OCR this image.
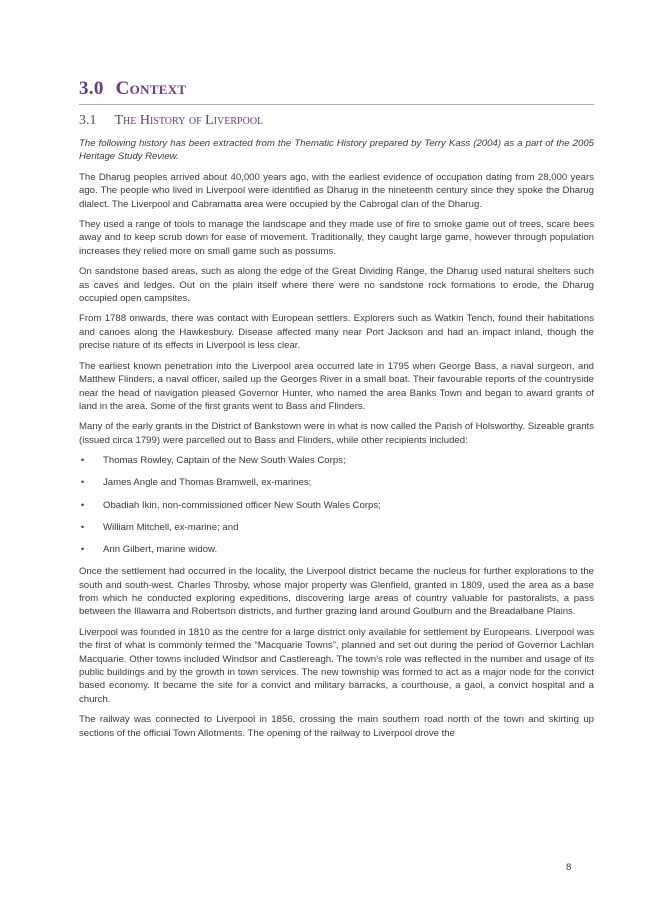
3.0 Context
3.1 The History of Liverpool

The following history has been extracted from the Thematic History prepared by Terry Kass (2004) as a part of the 2005 Heritage Study Review.

The Dharug peoples arrived about 40,000 years ago, with the earliest evidence of occupation dating from 28,000 years ago. The people who lived in Liverpool were identified as Dharug in the nineteenth century since they spoke the Dharug dialect. The Liverpool and Cabramatta area were occupied by the Cabrogal clan of the Dharug.

They used a range of tools to manage the landscape and they made use of fire to smoke game out of trees, scare bees away and to keep scrub down for ease of movement. Traditionally, they caught large game, however through population increases they relied more on small game such as possums.

On sandstone based areas, such as along the edge of the Great Dividing Range, the Dharug used natural shelters such as caves and ledges. Out on the plain itself where there were no sandstone rock formations to erode, the Dharug occupied open campsites.

From 1788 onwards, there was contact with European settlers. Explorers such as Watkin Tench, found their habitations and canoes along the Hawkesbury. Disease affected many near Port Jackson and had an impact inland, though the precise nature of its effects in Liverpool is less clear.

The earliest known penetration into the Liverpool area occurred late in 1795 when George Bass, a naval surgeon, and Matthew Flinders, a naval officer, sailed up the Georges River in a small boat. Their favourable reports of the countryside near the head of navigation pleased Governor Hunter, who named the area Banks Town and began to award grants of land in the area. Some of the first grants went to Bass and Flinders.

Many of the early grants in the District of Bankstown were in what is now called the Parish of Holsworthy. Sizeable grants (issued circa 1799) were parcelled out to Bass and Flinders, while other recipients included:

• Thomas Rowley, Captain of the New South Wales Corps;
• James Angle and Thomas Bramwell, ex-marines;
• Obadiah Ikin, non-commissioned officer New South Wales Corps;
• William Mitchell, ex-marine; and
• Ann Gilbert, marine widow.

Once the settlement had occurred in the locality, the Liverpool district became the nucleus for further explorations to the south and south-west. Charles Throsby, whose major property was Glenfield, granted in 1809, used the area as a base from which he conducted exploring expeditions, discovering large areas of country valuable for pastoralists, a pass between the Illawarra and Robertson districts, and further grazing land around Goulburn and the Breadalbane Plains.

Liverpool was founded in 1810 as the centre for a large district only available for settlement by Europeans. Liverpool was the first of what is commonly termed the “Macquarie Towns”, planned and set out during the period of Governor Lachlan Macquarie. Other towns included Windsor and Castlereagh. The town’s role was reflected in the number and usage of its public buildings and by the growth in town services. The new township was formed to act as a major node for the convict based economy. It became the site for a convict and military barracks, a courthouse, a gaol, a convict hospital and a church.

The railway was connected to Liverpool in 1856, crossing the main southern road north of the town and skirting up sections of the official Town Allotments. The opening of the railway to Liverpool drove the

8
